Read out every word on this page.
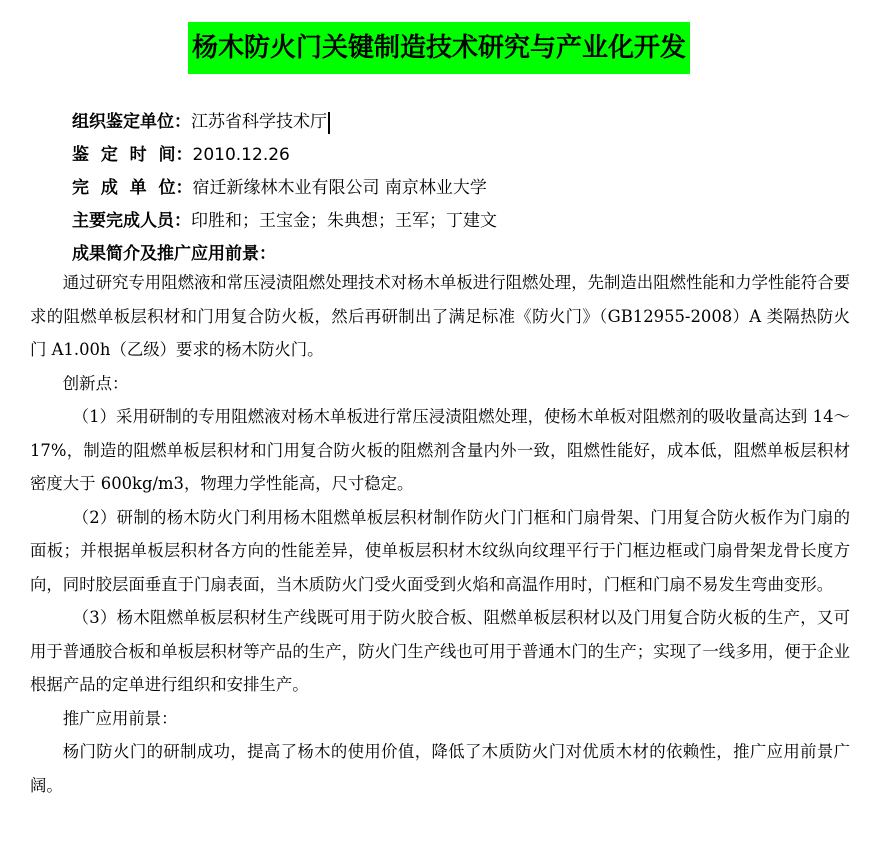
杨木防火门关键制造技术研究与产业化开发
组织鉴定单位：江苏省科学技术厅
鉴  定  时  间：2010.12.26
完  成  单  位：宿迁新缘林木业有限公司 南京林业大学
主要完成人员：印胜和；王宝金；朱典想；王军；丁建文
成果简介及推广应用前景：

通过研究专用阻燃液和常压浸渍阻燃处理技术对杨木单板进行阻燃处理，先制造出阻燃性能和力学性能符合要求的阻燃单板层积材和门用复合防火板，然后再研制出了满足标准《防火门》（GB12955-2008）A 类隔热防火门 A1.00h（乙级）要求的杨木防火门。

创新点：

（1）采用研制的专用阻燃液对杨木单板进行常压浸渍阻燃处理，使杨木单板对阻燃剂的吸收量高达到 14～17%，制造的阻燃单板层积材和门用复合防火板的阻燃剂含量内外一致，阻燃性能好，成本低，阻燃单板层积材密度大于 600kg/m3，物理力学性能高，尺寸稳定。

（2）研制的杨木防火门利用杨木阻燃单板层积材制作防火门门框和门扇骨架、门用复合防火板作为门扇的面板；并根据单板层积材各方向的性能差异，使单板层积材木纹纵向纹理平行于门框边框或门扇骨架龙骨长度方向，同时胶层面垂直于门扇表面，当木质防火门受火面受到火焰和高温作用时，门框和门扇不易发生弯曲变形。

（3）杨木阻燃单板层积材生产线既可用于防火胶合板、阻燃单板层积材以及门用复合防火板的生产，又可用于普通胶合板和单板层积材等产品的生产，防火门生产线也可用于普通木门的生产；实现了一线多用，便于企业根据产品的定单进行组织和安排生产。

推广应用前景：

杨门防火门的研制成功，提高了杨木的使用价值，降低了木质防火门对优质木材的依赖性，推广应用前景广阔。
